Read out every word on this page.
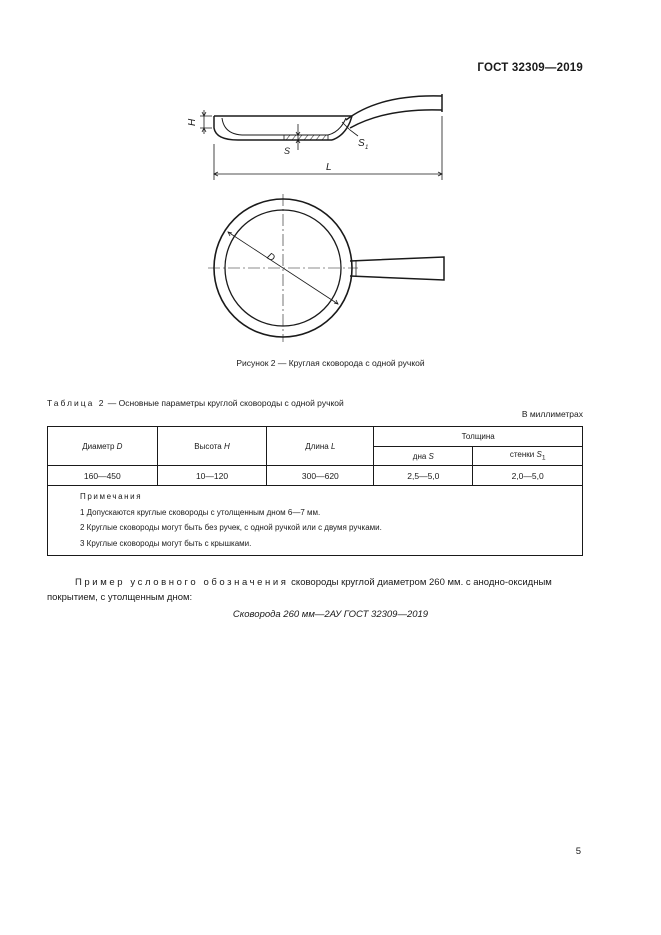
ГОСТ 32309—2019
H
S
S 1
L
D
Рисунок 2 — Круглая сковорода с одной ручкой
Таблица 2 — Основные параметры круглой сковороды с одной ручкой
В миллиметрах
Диаметр D	Высота H	Длина L	Толщина	
			дна S	стенки $S_1$
160—450	10—120	300—620	2,5—5,0	2,0—5,0

Примечания
1 Допускаются круглые сковороды с утолщенным дном 6—7 мм.
2 Круглые сковороды могут быть без ручек, с одной ручкой или с двумя ручками.
3 Круглые сковороды могут быть с крышками.				
Пример условного обозначения сковороды круглой диаметром 260 мм. с анодно-оксидным покрытием, с утолщенным дном:
Сковорода 260 мм—2АУ ГОСТ 32309—2019
5
